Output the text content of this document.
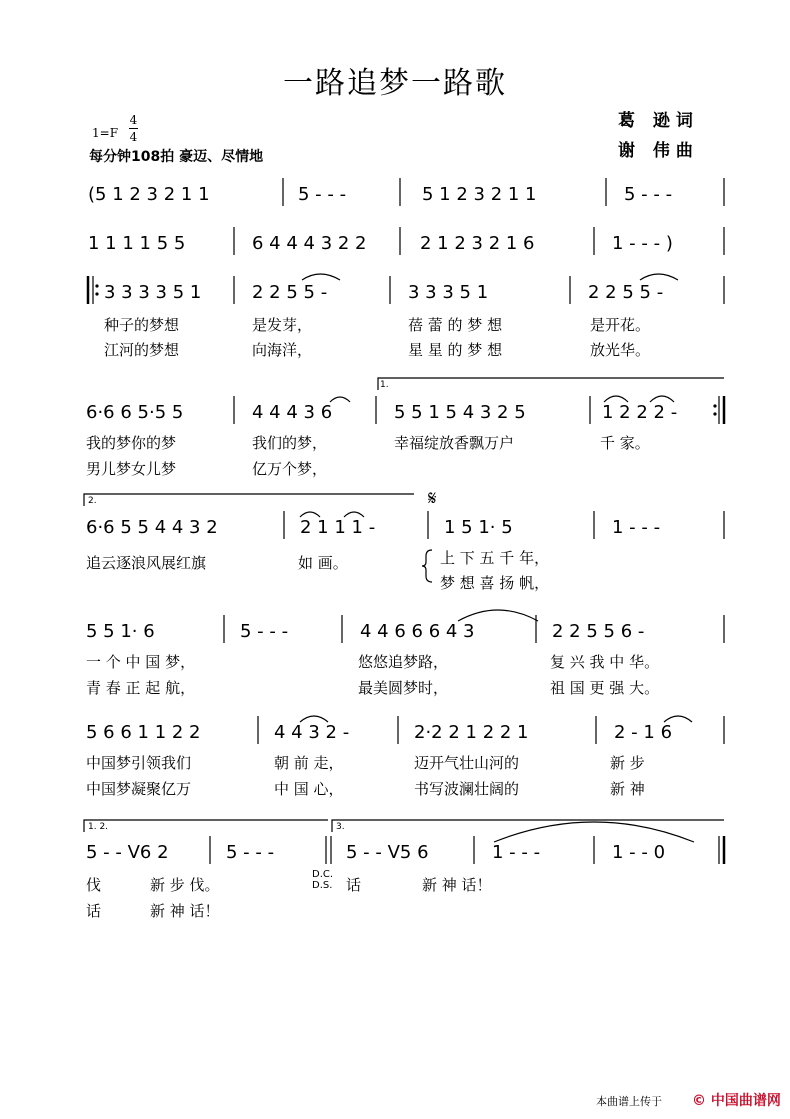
一路追梦一路歌
葛 逊词
谢 伟曲
1=F
4
4
每分钟108拍 豪迈、尽情地
(5 1 2 3 2 1 1	5 - - -	5 1 2 3 2 1 1	5 - - -
1 1 1 1 5 5	6 4 4 4 3 2 2	2 1 2 3 2 1 6	1 - - - )
3 3 3 3 5 1	2 2 5 5 -	3 3 3 5 1	2 2 5 5 -
种子的梦想	是发芽，	蓓 蕾 的 梦 想	是开花。
江河的梦想	向海洋，	星 星 的 梦 想	放光华。
1.
6·6 6 5·5 5	4 4 4 3 6	5 5 1 5 4 3 2 5	1 2 2 2 -
我的梦你的梦	我们的梦，	幸福绽放香飘万户	千 家。
男儿梦女儿梦	亿万个梦，
2.	𝄋
6·6 5 5 4 4 3 2	2 1 1 1 -	1 5 1· 5	1 - - -
追云逐浪风展红旗	如 画。	上 下 五 千 年，
梦 想 喜 扬 帆，
5 5 1· 6	5 - - -	4 4 6 6 6 4 3	2 2 5 5 6 -
一 个 中 国 梦，	悠悠追梦路，	复 兴 我 中 华。
青 春 正 起 航，	最美圆梦时，	祖 国 更 强 大。
5 6 6 1 1 2 2	4 4 3 2 -	2·2 2 1 2 2 1	2 - 1 6
中国梦引领我们	朝 前 走，	迈开气壮山河的	新 步
中国梦凝聚亿万	中 国 心，	书写波澜壮阔的	新 神
1. 2.	3.
5 - - V6 2	5 - - -	5 - - V5 6	1 - - -	1 - - 0
伐	新 步 伐。
D.C.
D.S. 话	新 神 话！
话	新 神 话！
本曲谱上传于 © 中国曲谱网
